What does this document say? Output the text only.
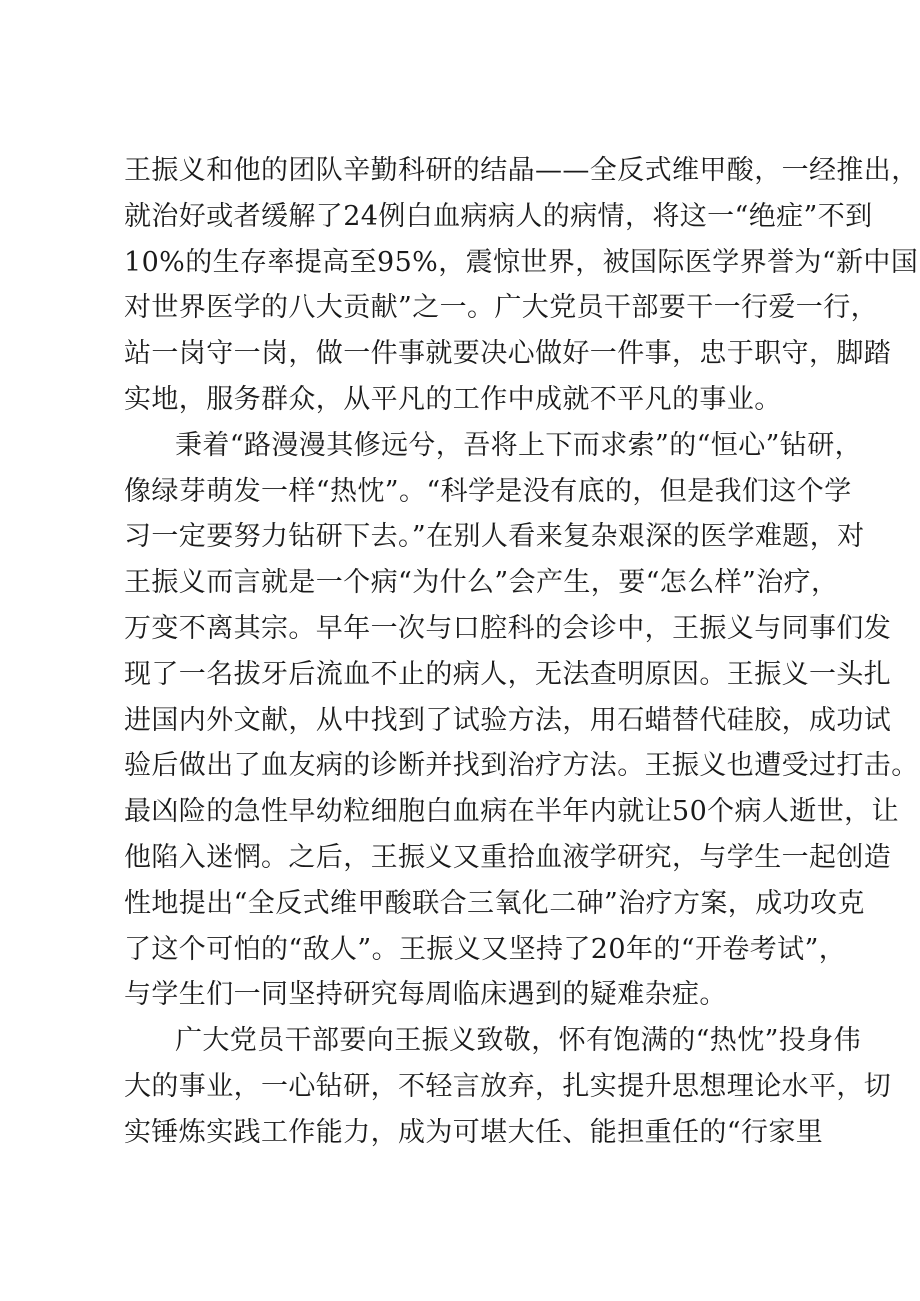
王振义和他的团队辛勤科研的结晶——全反式维甲酸，一经推出，
就治好或者缓解了24例白血病病人的病情，将这一“绝症”不到
10%的生存率提高至95%，震惊世界，被国际医学界誉为“新中国
对世界医学的八大贡献”之一。广大党员干部要干一行爱一行，
站一岗守一岗，做一件事就要决心做好一件事，忠于职守，脚踏
实地，服务群众，从平凡的工作中成就不平凡的事业。
秉着“路漫漫其修远兮，吾将上下而求索”的“恒心”钻研，
像绿芽萌发一样“热忱”。“科学是没有底的，但是我们这个学
习一定要努力钻研下去。”在别人看来复杂艰深的医学难题，对
王振义而言就是一个病“为什么”会产生，要“怎么样”治疗，
万变不离其宗。早年一次与口腔科的会诊中，王振义与同事们发
现了一名拔牙后流血不止的病人，无法查明原因。王振义一头扎
进国内外文献，从中找到了试验方法，用石蜡替代硅胶，成功试
验后做出了血友病的诊断并找到治疗方法。王振义也遭受过打击。
最凶险的急性早幼粒细胞白血病在半年内就让50个病人逝世，让
他陷入迷惘。之后，王振义又重拾血液学研究，与学生一起创造
性地提出“全反式维甲酸联合三氧化二砷”治疗方案，成功攻克
了这个可怕的“敌人”。王振义又坚持了20年的“开卷考试”，
与学生们一同坚持研究每周临床遇到的疑难杂症。
广大党员干部要向王振义致敬，怀有饱满的“热忱”投身伟
大的事业，一心钻研，不轻言放弃，扎实提升思想理论水平，切
实锤炼实践工作能力，成为可堪大任、能担重任的“行家里
